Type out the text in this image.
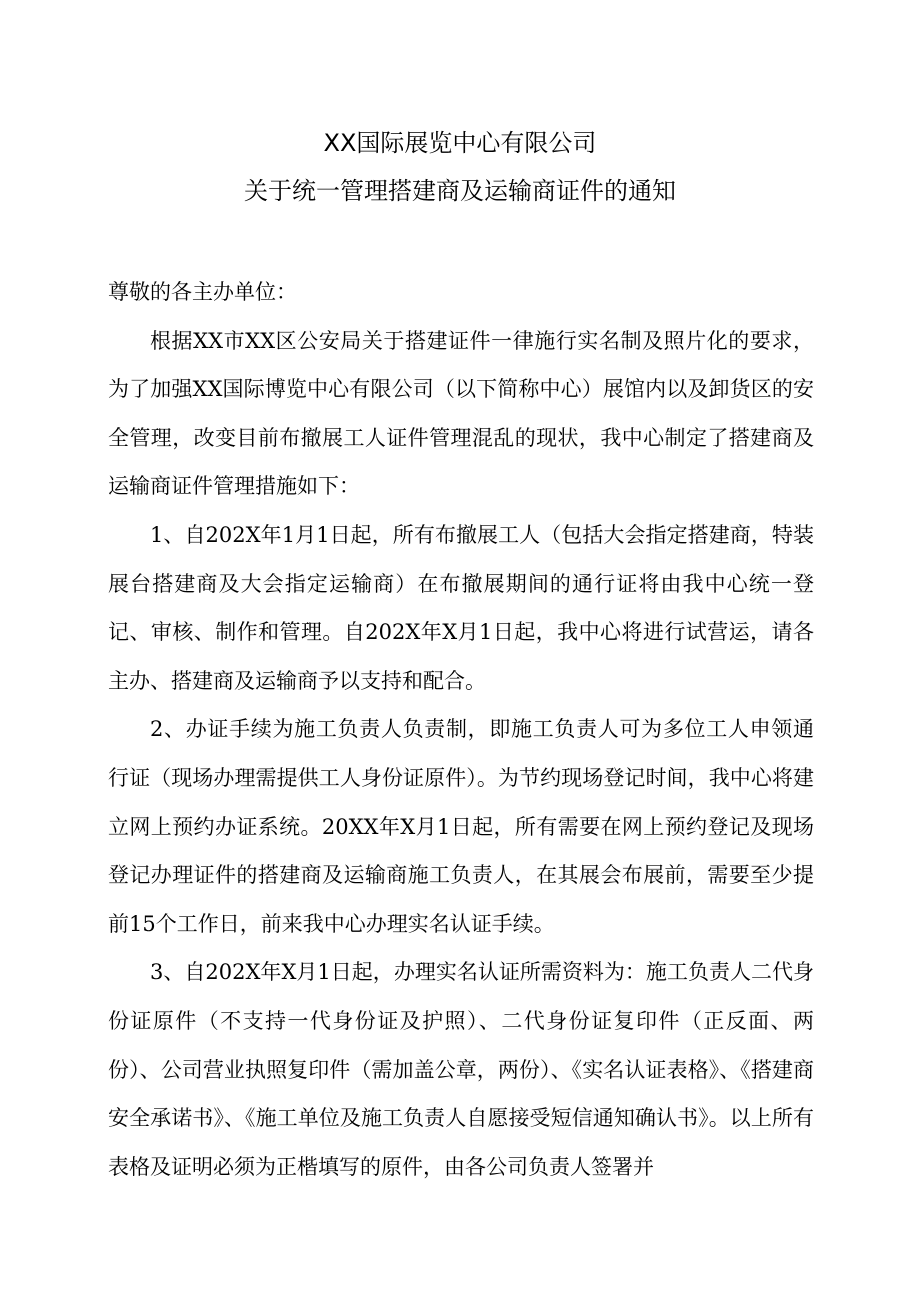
XX国际展览中心有限公司
关于统一管理搭建商及运输商证件的通知

尊敬的各主办单位：

根据XX市XX区公安局关于搭建证件一律施行实名制及照片化的要求，为了加强XX国际博览中心有限公司（以下简称中心）展馆内以及卸货区的安全管理，改变目前布撤展工人证件管理混乱的现状，我中心制定了搭建商及运输商证件管理措施如下：

1、自202X年1月1日起，所有布撤展工人（包括大会指定搭建商，特装展台搭建商及大会指定运输商）在布撤展期间的通行证将由我中心统一登记、审核、制作和管理。自202X年X月1日起，我中心将进行试营运，请各主办、搭建商及运输商予以支持和配合。

2、办证手续为施工负责人负责制，即施工负责人可为多位工人申领通行证（现场办理需提供工人身份证原件）。为节约现场登记时间，我中心将建立网上预约办证系统。20XX年X月1日起，所有需要在网上预约登记及现场登记办理证件的搭建商及运输商施工负责人，在其展会布展前，需要至少提前15个工作日，前来我中心办理实名认证手续。

3、自202X年X月1日起，办理实名认证所需资料为：施工负责人二代身份证原件（不支持一代身份证及护照）、二代身份证复印件（正反面、两份）、公司营业执照复印件（需加盖公章，两份）、《实名认证表格》、《搭建商安全承诺书》、《施工单位及施工负责人自愿接受短信通知确认书》。以上所有表格及证明必须为正楷填写的原件，由各公司负责人签署并
